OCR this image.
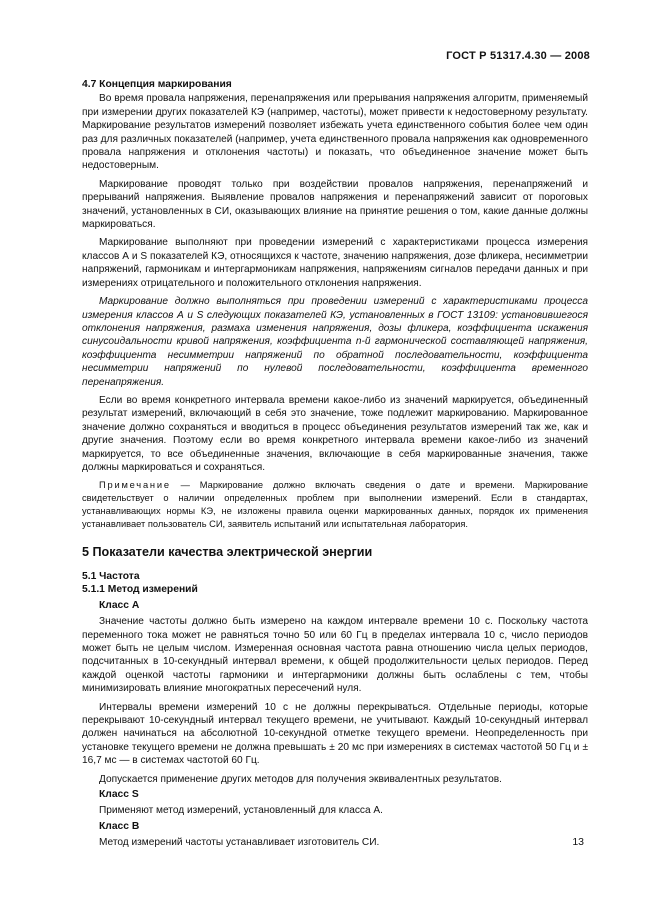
ГОСТ Р 51317.4.30 — 2008
4.7 Концепция маркирования

Во время провала напряжения, перенапряжения или прерывания напряжения алгоритм, применяемый при измерении других показателей КЭ (например, частоты), может привести к недостоверному результату. Маркирование результатов измерений позволяет избежать учета единственного события более чем один раз для различных показателей (например, учета единственного провала напряжения как одновременного провала напряжения и отклонения частоты) и показать, что объединенное значение может быть недостоверным.

Маркирование проводят только при воздействии провалов напряжения, перенапряжений и прерываний напряжения. Выявление провалов напряжения и перенапряжений зависит от пороговых значений, установленных в СИ, оказывающих влияние на принятие решения о том, какие данные должны маркироваться.

Маркирование выполняют при проведении измерений с характеристиками процесса измерения классов А и S показателей КЭ, относящихся к частоте, значению напряжения, дозе фликера, несимметрии напряжений, гармоникам и интергармоникам напряжения, напряжениям сигналов передачи данных и при измерениях отрицательного и положительного отклонения напряжения.

Маркирование должно выполняться при проведении измерений с характеристиками процесса измерения классов А и S следующих показателей КЭ, установленных в ГОСТ 13109: установившегося отклонения напряжения, размаха изменения напряжения, дозы фликера, коэффициента искажения синусоидальности кривой напряжения, коэффициента n-й гармонической составляющей напряжения, коэффициента несимметрии напряжений по обратной последовательности, коэффициента несимметрии напряжений по нулевой последовательности, коэффициента временного перенапряжения.

Если во время конкретного интервала времени какое-либо из значений маркируется, объединенный результат измерений, включающий в себя это значение, тоже подлежит маркированию. Маркированное значение должно сохраняться и вводиться в процесс объединения результатов измерений так же, как и другие значения. Поэтому если во время конкретного интервала времени какое-либо из значений маркируется, то все объединенные значения, включающие в себя маркированные значения, также должны маркироваться и сохраняться.

Примечание — Маркирование должно включать сведения о дате и времени. Маркирование свидетельствует о наличии определенных проблем при выполнении измерений. Если в стандартах, устанавливающих нормы КЭ, не изложены правила оценки маркированных данных, порядок их применения устанавливает пользователь СИ, заявитель испытаний или испытательная лаборатория.

5 Показатели качества электрической энергии
5.1 Частота
5.1.1 Метод измерений
Класс А

Значение частоты должно быть измерено на каждом интервале времени 10 с. Поскольку частота переменного тока может не равняться точно 50 или 60 Гц в пределах интервала 10 с, число периодов может быть не целым числом. Измеренная основная частота равна отношению числа целых периодов, подсчитанных в 10-секундный интервал времени, к общей продолжительности целых периодов. Перед каждой оценкой частоты гармоники и интергармоники должны быть ослаблены с тем, чтобы минимизировать влияние многократных пересечений нуля.

Интервалы времени измерений 10 с не должны перекрываться. Отдельные периоды, которые перекрывают 10-секундный интервал текущего времени, не учитывают. Каждый 10-секундный интервал должен начинаться на абсолютной 10-секундной отметке текущего времени. Неопределенность при установке текущего времени не должна превышать ± 20 мс при измерениях в системах частотой 50 Гц и ± 16,7 мс — в системах частотой 60 Гц.

Допускается применение других методов для получения эквивалентных результатов.

Класс S

Применяют метод измерений, установленный для класса А.

Класс В

Метод измерений частоты устанавливает изготовитель СИ.	13
